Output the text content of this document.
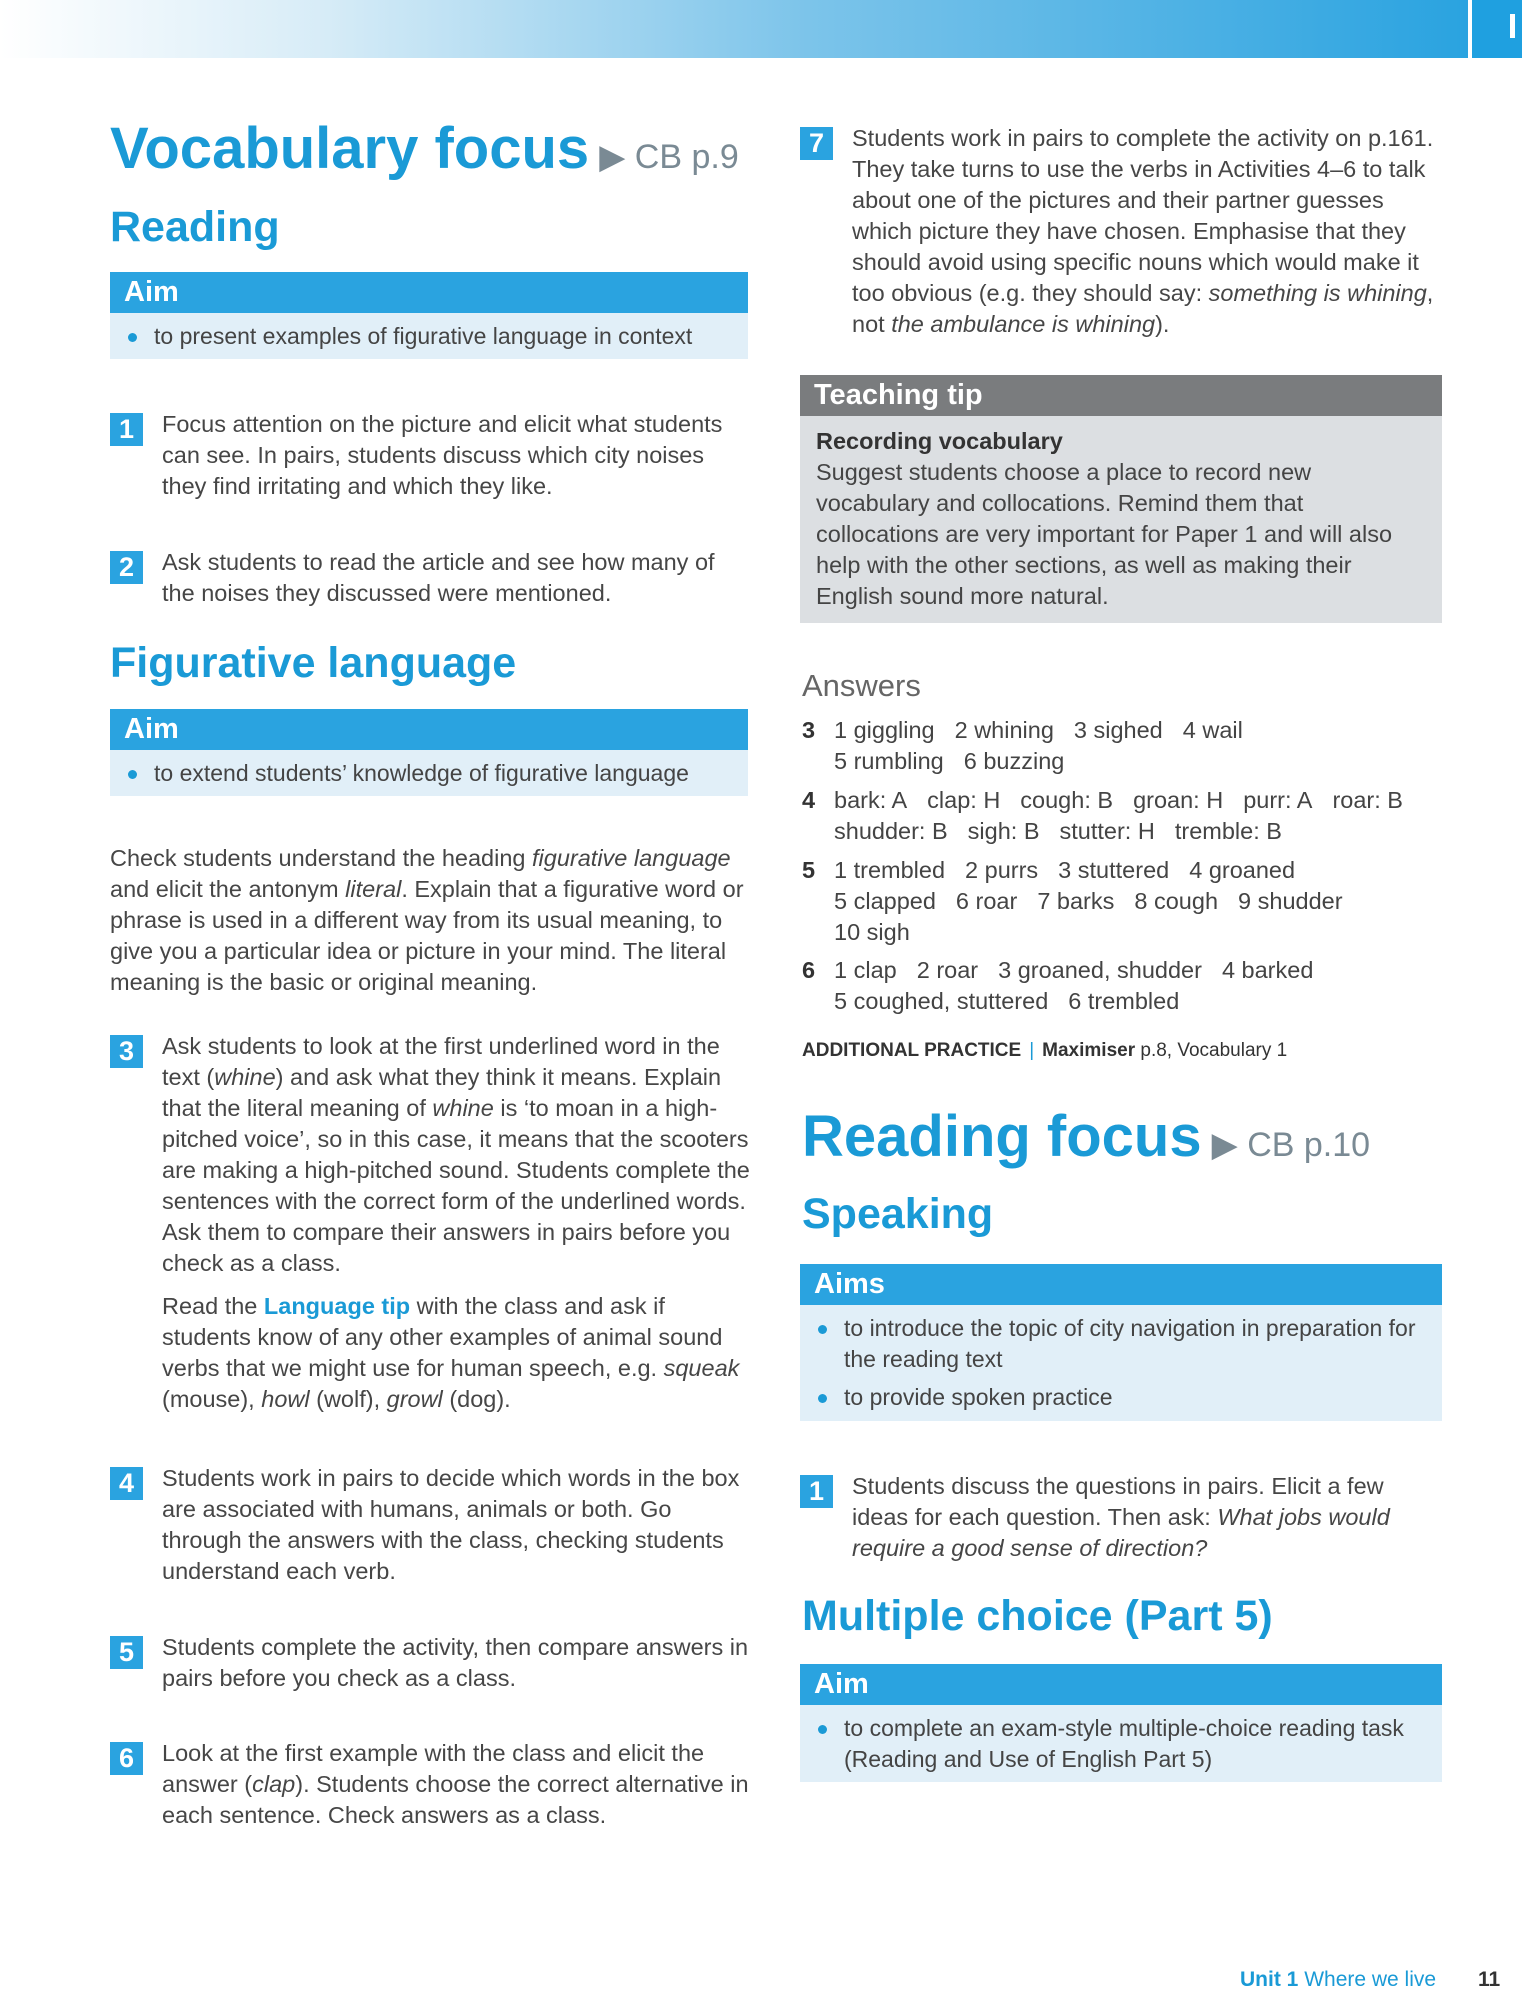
Vocabulary focus ▶ CB p.9
Reading
Aim
to present examples of figurative language in context
1	Focus attention on the picture and elicit what students can see. In pairs, students discuss which city noises they find irritating and which they like.
2	Ask students to read the article and see how many of the noises they discussed were mentioned.
Figurative language
Aim
to extend students’ knowledge of figurative language
Check students understand the heading figurative language and elicit the antonym literal. Explain that a figurative word or phrase is used in a different way from its usual meaning, to give you a particular idea or picture in your mind. The literal meaning is the basic or original meaning.
3	Ask students to look at the first underlined word in the text (whine) and ask what they think it means. Explain that the literal meaning of whine is ‘to moan in a high-pitched voice’, so in this case, it means that the scooters are making a high-pitched sound. Students complete the sentences with the correct form of the underlined words. Ask them to compare their answers in pairs before you check as a class.

Read the Language tip with the class and ask if students know of any other examples of animal sound verbs that we might use for human speech, e.g. squeak (mouse), howl (wolf), growl (dog).

4	Students work in pairs to decide which words in the box are associated with humans, animals or both. Go through the answers with the class, checking students understand each verb.
5	Students complete the activity, then compare answers in pairs before you check as a class.
6	Look at the first example with the class and elicit the answer (clap). Students choose the correct alternative in each sentence. Check answers as a class.
7	Students work in pairs to complete the activity on p.161. They take turns to use the verbs in Activities 4–6 to talk about one of the pictures and their partner guesses which picture they have chosen. Emphasise that they should avoid using specific nouns which would make it too obvious (e.g. they should say: something is whining, not the ambulance is whining).
Teaching tip
Recording vocabulary
Suggest students choose a place to record new vocabulary and collocations. Remind them that collocations are very important for Paper 1 and will also help with the other sections, as well as making their English sound more natural.
Answers
3 1 giggling 2 whining 3 sighed 4 wail
5 rumbling 6 buzzing
4 bark: A clap: H cough: B groan: H purr: A roar: B
shudder: B sigh: B stutter: H tremble: B
5 1 trembled 2 purrs 3 stuttered 4 groaned
5 clapped 6 roar 7 barks 8 cough 9 shudder
10 sigh
6 1 clap 2 roar 3 groaned, shudder 4 barked
5 coughed, stuttered 6 trembled
ADDITIONAL PRACTICE | Maximiser p.8, Vocabulary 1
Reading focus ▶ CB p.10
Speaking
Aims
to introduce the topic of city navigation in preparation for the reading text
to provide spoken practice
1	Students discuss the questions in pairs. Elicit a few ideas for each question. Then ask: What jobs would require a good sense of direction?
Multiple choice (Part 5)
Aim
to complete an exam-style multiple-choice reading task (Reading and Use of English Part 5)
Unit 1 Where we live 11
